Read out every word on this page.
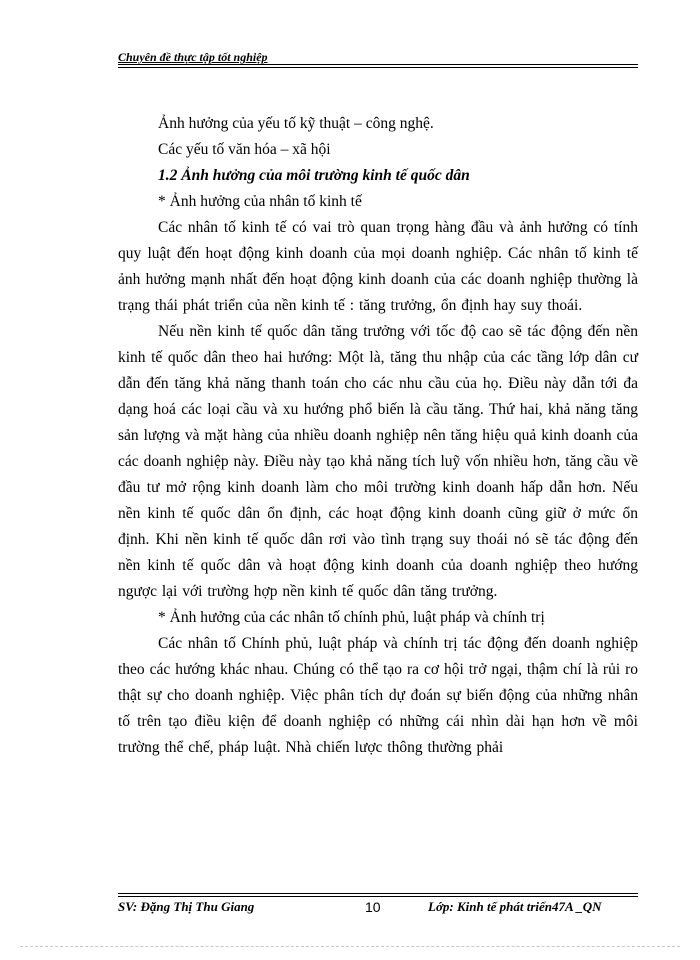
Chuyên đề thực tập tốt nghiệp

Ảnh hưởng của yếu tố kỹ thuật – công nghệ.

Các yếu tố văn hóa – xã hội

1.2 Ảnh hưởng của môi trường kinh tế quốc dân

* Ảnh hưởng của nhân tố kinh tế

Các nhân tố kinh tế có vai trò quan trọng hàng đầu và ảnh hưởng có tính quy luật đến hoạt động kinh doanh của mọi doanh nghiệp. Các nhân tố kinh tế ảnh hưởng mạnh nhất đến hoạt động kinh doanh của các doanh nghiệp thường là trạng thái phát triển của nền kinh tế : tăng trưởng, ổn định hay suy thoái.

Nếu nền kinh tế quốc dân tăng trưởng với tốc độ cao sẽ tác động đến nền kinh tế quốc dân theo hai hướng: Một là, tăng thu nhập của các tầng lớp dân cư dẫn đến tăng khả năng thanh toán cho các nhu cầu của họ. Điều này dẫn tới đa dạng hoá các loại cầu và xu hướng phổ biến là cầu tăng. Thứ hai, khả năng tăng sản lượng và mặt hàng của nhiều doanh nghiệp nên tăng hiệu quả kinh doanh của các doanh nghiệp này. Điều này tạo khả năng tích luỹ vốn nhiều hơn, tăng cầu về đầu tư mở rộng kinh doanh làm cho môi trường kinh doanh hấp dẫn hơn. Nếu nền kinh tế quốc dân ổn định, các hoạt động kinh doanh cũng giữ ở mức ổn định. Khi nền kinh tế quốc dân rơi vào tình trạng suy thoái nó sẽ tác động đến nền kinh tế quốc dân và hoạt động kinh doanh của doanh nghiệp theo hướng ngược lại với trường hợp nền kinh tế quốc dân tăng trưởng.

* Ảnh hưởng của các nhân tố chính phủ, luật pháp và chính trị

Các nhân tố Chính phủ, luật pháp và chính trị tác động đến doanh nghiệp theo các hướng khác nhau. Chúng có thể tạo ra cơ hội trở ngại, thậm chí là rủi ro thật sự cho doanh nghiệp. Việc phân tích dự đoán sự biến động của những nhân tố trên tạo điều kiện để doanh nghiệp có những cái nhìn dài hạn hơn về môi trường thể chế, pháp luật. Nhà chiến lược thông thường phải

SV: Đặng Thị Thu Giang	10	Lớp: Kinh tế phát triển47A _QN
